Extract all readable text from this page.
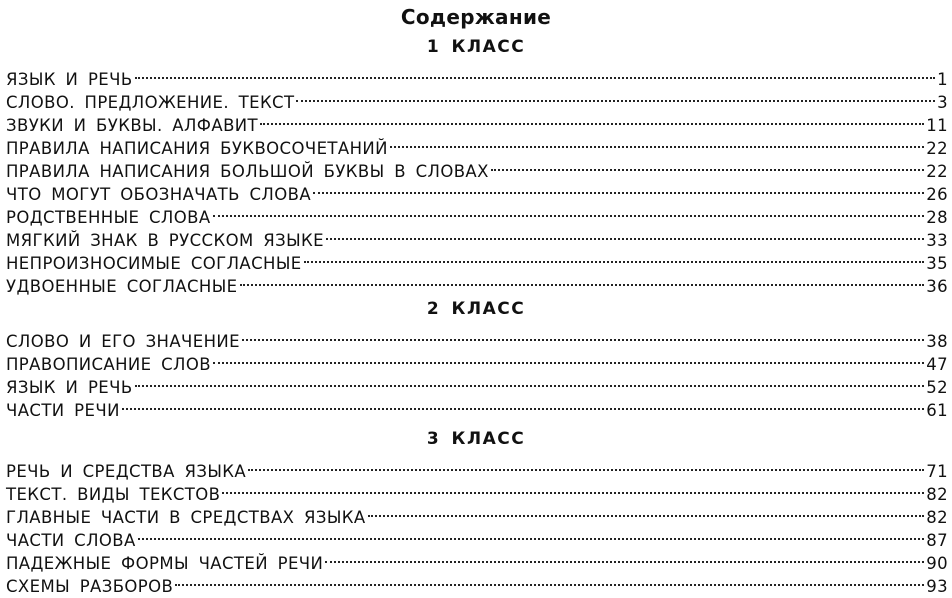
Содержание
1 КЛАСС
ЯЗЫК И РЕЧЬ	1
СЛОВО. ПРЕДЛОЖЕНИЕ. ТЕКСТ	3
ЗВУКИ И БУКВЫ. АЛФАВИТ	11
ПРАВИЛА НАПИСАНИЯ БУКВОСОЧЕТАНИЙ	22
ПРАВИЛА НАПИСАНИЯ БОЛЬШОЙ БУКВЫ В СЛОВАХ	22
ЧТО МОГУТ ОБОЗНАЧАТЬ СЛОВА	26
РОДСТВЕННЫЕ СЛОВА	28
МЯГКИЙ ЗНАК В РУССКОМ ЯЗЫКЕ	33
НЕПРОИЗНОСИМЫЕ СОГЛАСНЫЕ	35
УДВОЕННЫЕ СОГЛАСНЫЕ	36
2 КЛАСС
СЛОВО И ЕГО ЗНАЧЕНИЕ	38
ПРАВОПИСАНИЕ СЛОВ	47
ЯЗЫК И РЕЧЬ	52
ЧАСТИ РЕЧИ	61
3 КЛАСС
РЕЧЬ И СРЕДСТВА ЯЗЫКА	71
ТЕКСТ. ВИДЫ ТЕКСТОВ	82
ГЛАВНЫЕ ЧАСТИ В СРЕДСТВАХ ЯЗЫКА	82
ЧАСТИ СЛОВА	87
ПАДЕЖНЫЕ ФОРМЫ ЧАСТЕЙ РЕЧИ	90
СХЕМЫ РАЗБОРОВ	93
